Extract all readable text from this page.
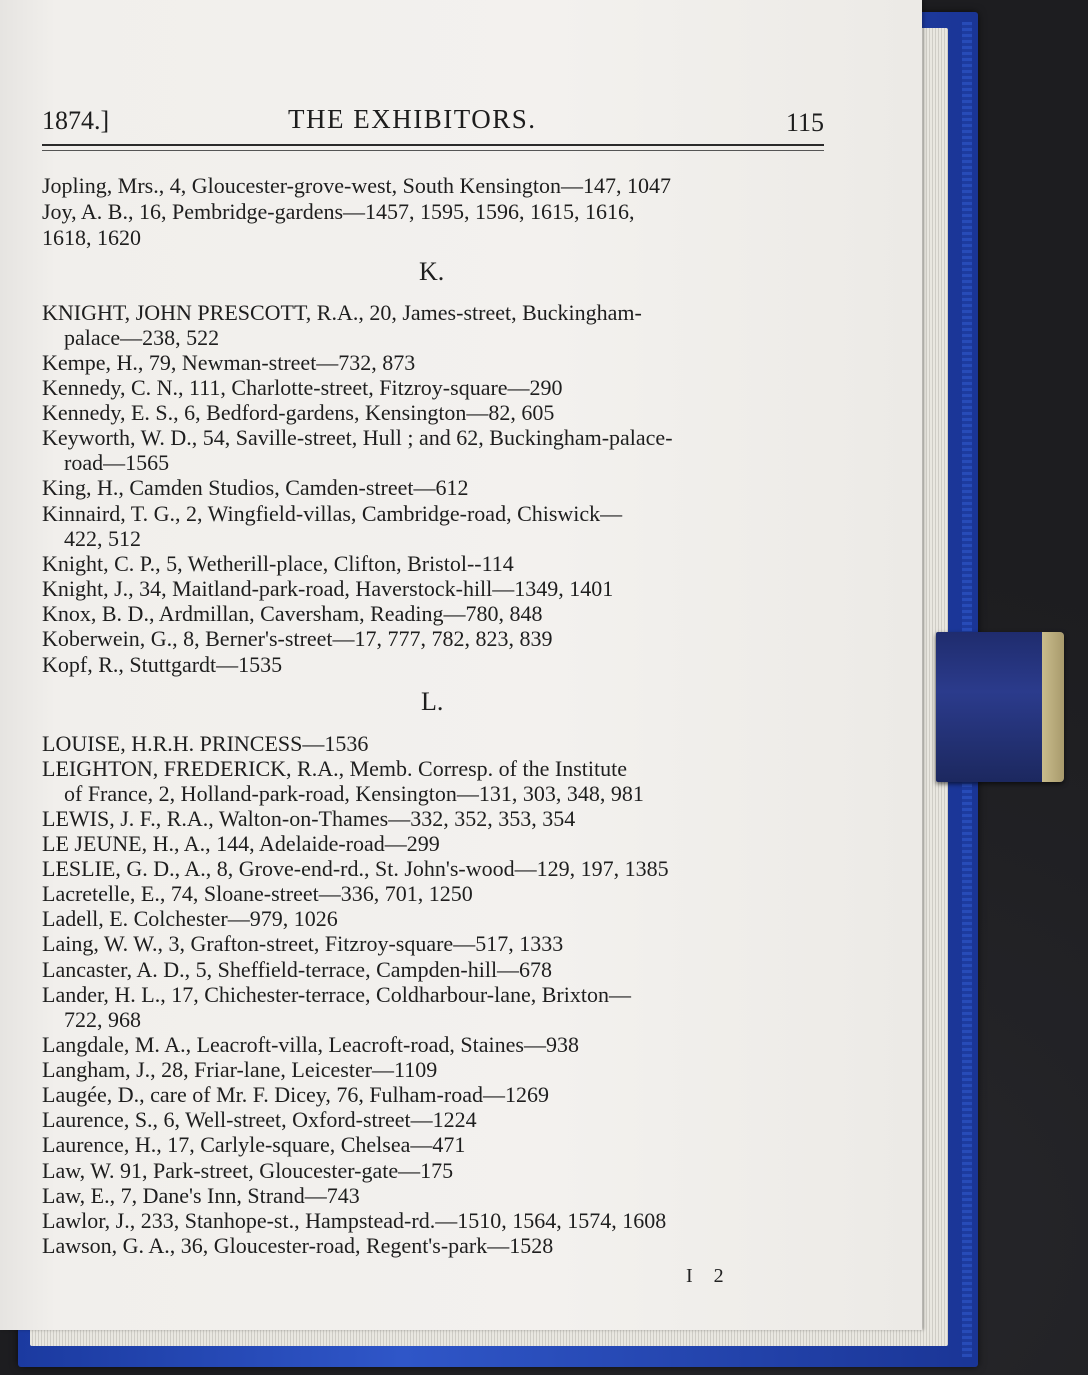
1874.]	THE EXHIBITORS.	115
Jopling, Mrs., 4, Gloucester-grove-west, South Kensington—147, 1047
Joy, A. B., 16, Pembridge-gardens—1457, 1595, 1596, 1615, 1616,
1618, 1620
K.
KNIGHT, JOHN PRESCOTT, R.A., 20, James-street, Buckingham-
palace—238, 522
Kempe, H., 79, Newman-street—732, 873
Kennedy, C. N., 111, Charlotte-street, Fitzroy-square—290
Kennedy, E. S., 6, Bedford-gardens, Kensington—82, 605
Keyworth, W. D., 54, Saville-street, Hull ; and 62, Buckingham-palace-
road—1565
King, H., Camden Studios, Camden-street—612
Kinnaird, T. G., 2, Wingfield-villas, Cambridge-road, Chiswick—
422, 512
Knight, C. P., 5, Wetherill-place, Clifton, Bristol--114
Knight, J., 34, Maitland-park-road, Haverstock-hill—1349, 1401
Knox, B. D., Ardmillan, Caversham, Reading—780, 848
Koberwein, G., 8, Berner's-street—17, 777, 782, 823, 839
Kopf, R., Stuttgardt—1535
L.
LOUISE, H.R.H. PRINCESS—1536
LEIGHTON, FREDERICK, R.A., Memb. Corresp. of the Institute
of France, 2, Holland-park-road, Kensington—131, 303, 348, 981
LEWIS, J. F., R.A., Walton-on-Thames—332, 352, 353, 354
LE JEUNE, H., A., 144, Adelaide-road—299
LESLIE, G. D., A., 8, Grove-end-rd., St. John's-wood—129, 197, 1385
Lacretelle, E., 74, Sloane-street—336, 701, 1250
Ladell, E. Colchester—979, 1026
Laing, W. W., 3, Grafton-street, Fitzroy-square—517, 1333
Lancaster, A. D., 5, Sheffield-terrace, Campden-hill—678
Lander, H. L., 17, Chichester-terrace, Coldharbour-lane, Brixton—
722, 968
Langdale, M. A., Leacroft-villa, Leacroft-road, Staines—938
Langham, J., 28, Friar-lane, Leicester—1109
Laugée, D., care of Mr. F. Dicey, 76, Fulham-road—1269
Laurence, S., 6, Well-street, Oxford-street—1224
Laurence, H., 17, Carlyle-square, Chelsea—471
Law, W. 91, Park-street, Gloucester-gate—175
Law, E., 7, Dane's Inn, Strand—743
Lawlor, J., 233, Stanhope-st., Hampstead-rd.—1510, 1564, 1574, 1608
Lawson, G. A., 36, Gloucester-road, Regent's-park—1528
I 2
